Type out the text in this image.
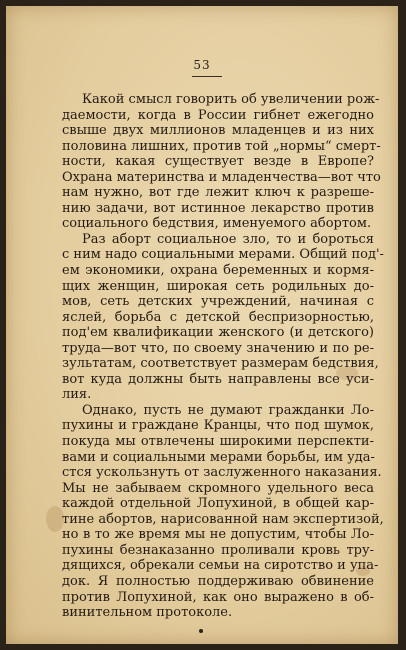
53
Какой смысл говорить об увеличении рож-
даемости, когда в России гибнет ежегодно
свыше двух миллионов младенцев и из них
половина лишних, против той „нормы“ смерт-
ности, какая существует везде в Европе?
Охрана материнства и младенчества—вот что
нам нужно, вот где лежит ключ к разреше-
нию задачи, вот истинное лекарство против
социального бедствия, именуемого абортом.
Раз аборт социальное зло, то и бороться
с ним надо социальными мерами. Общий под'-
ем экономики, охрана беременных и кормя-
щих женщин, широкая сеть родильных до-
мов, сеть детских учреждений, начиная с
яслей, борьба с детской беспризорностью,
под'ем квалификации женского (и детского)
труда—вот что, по своему значению и по ре-
зультатам, соответствует размерам бедствия,
вот куда должны быть направлены все уси-
лия.
Однако, пусть не думают гражданки Ло-
пухины и граждане Кранцы, что под шумок,
покуда мы отвлечены широкими перспекти-
вами и социальными мерами борьбы, им уда-
стся ускользнуть от заслуженного наказания.
Мы не забываем скромного удельного веса
каждой отдельной Лопухиной, в общей кар-
тине абортов, нарисованной нам экспертизой,
но в то же время мы не допустим, чтобы Ло-
пухины безнаказанно проливали кровь тру-
дящихся, обрекали семьи на сиротство и упа-
док. Я полностью поддерживаю обвинение
против Лопухиной, как оно выражено в об-
винительном протоколе.
